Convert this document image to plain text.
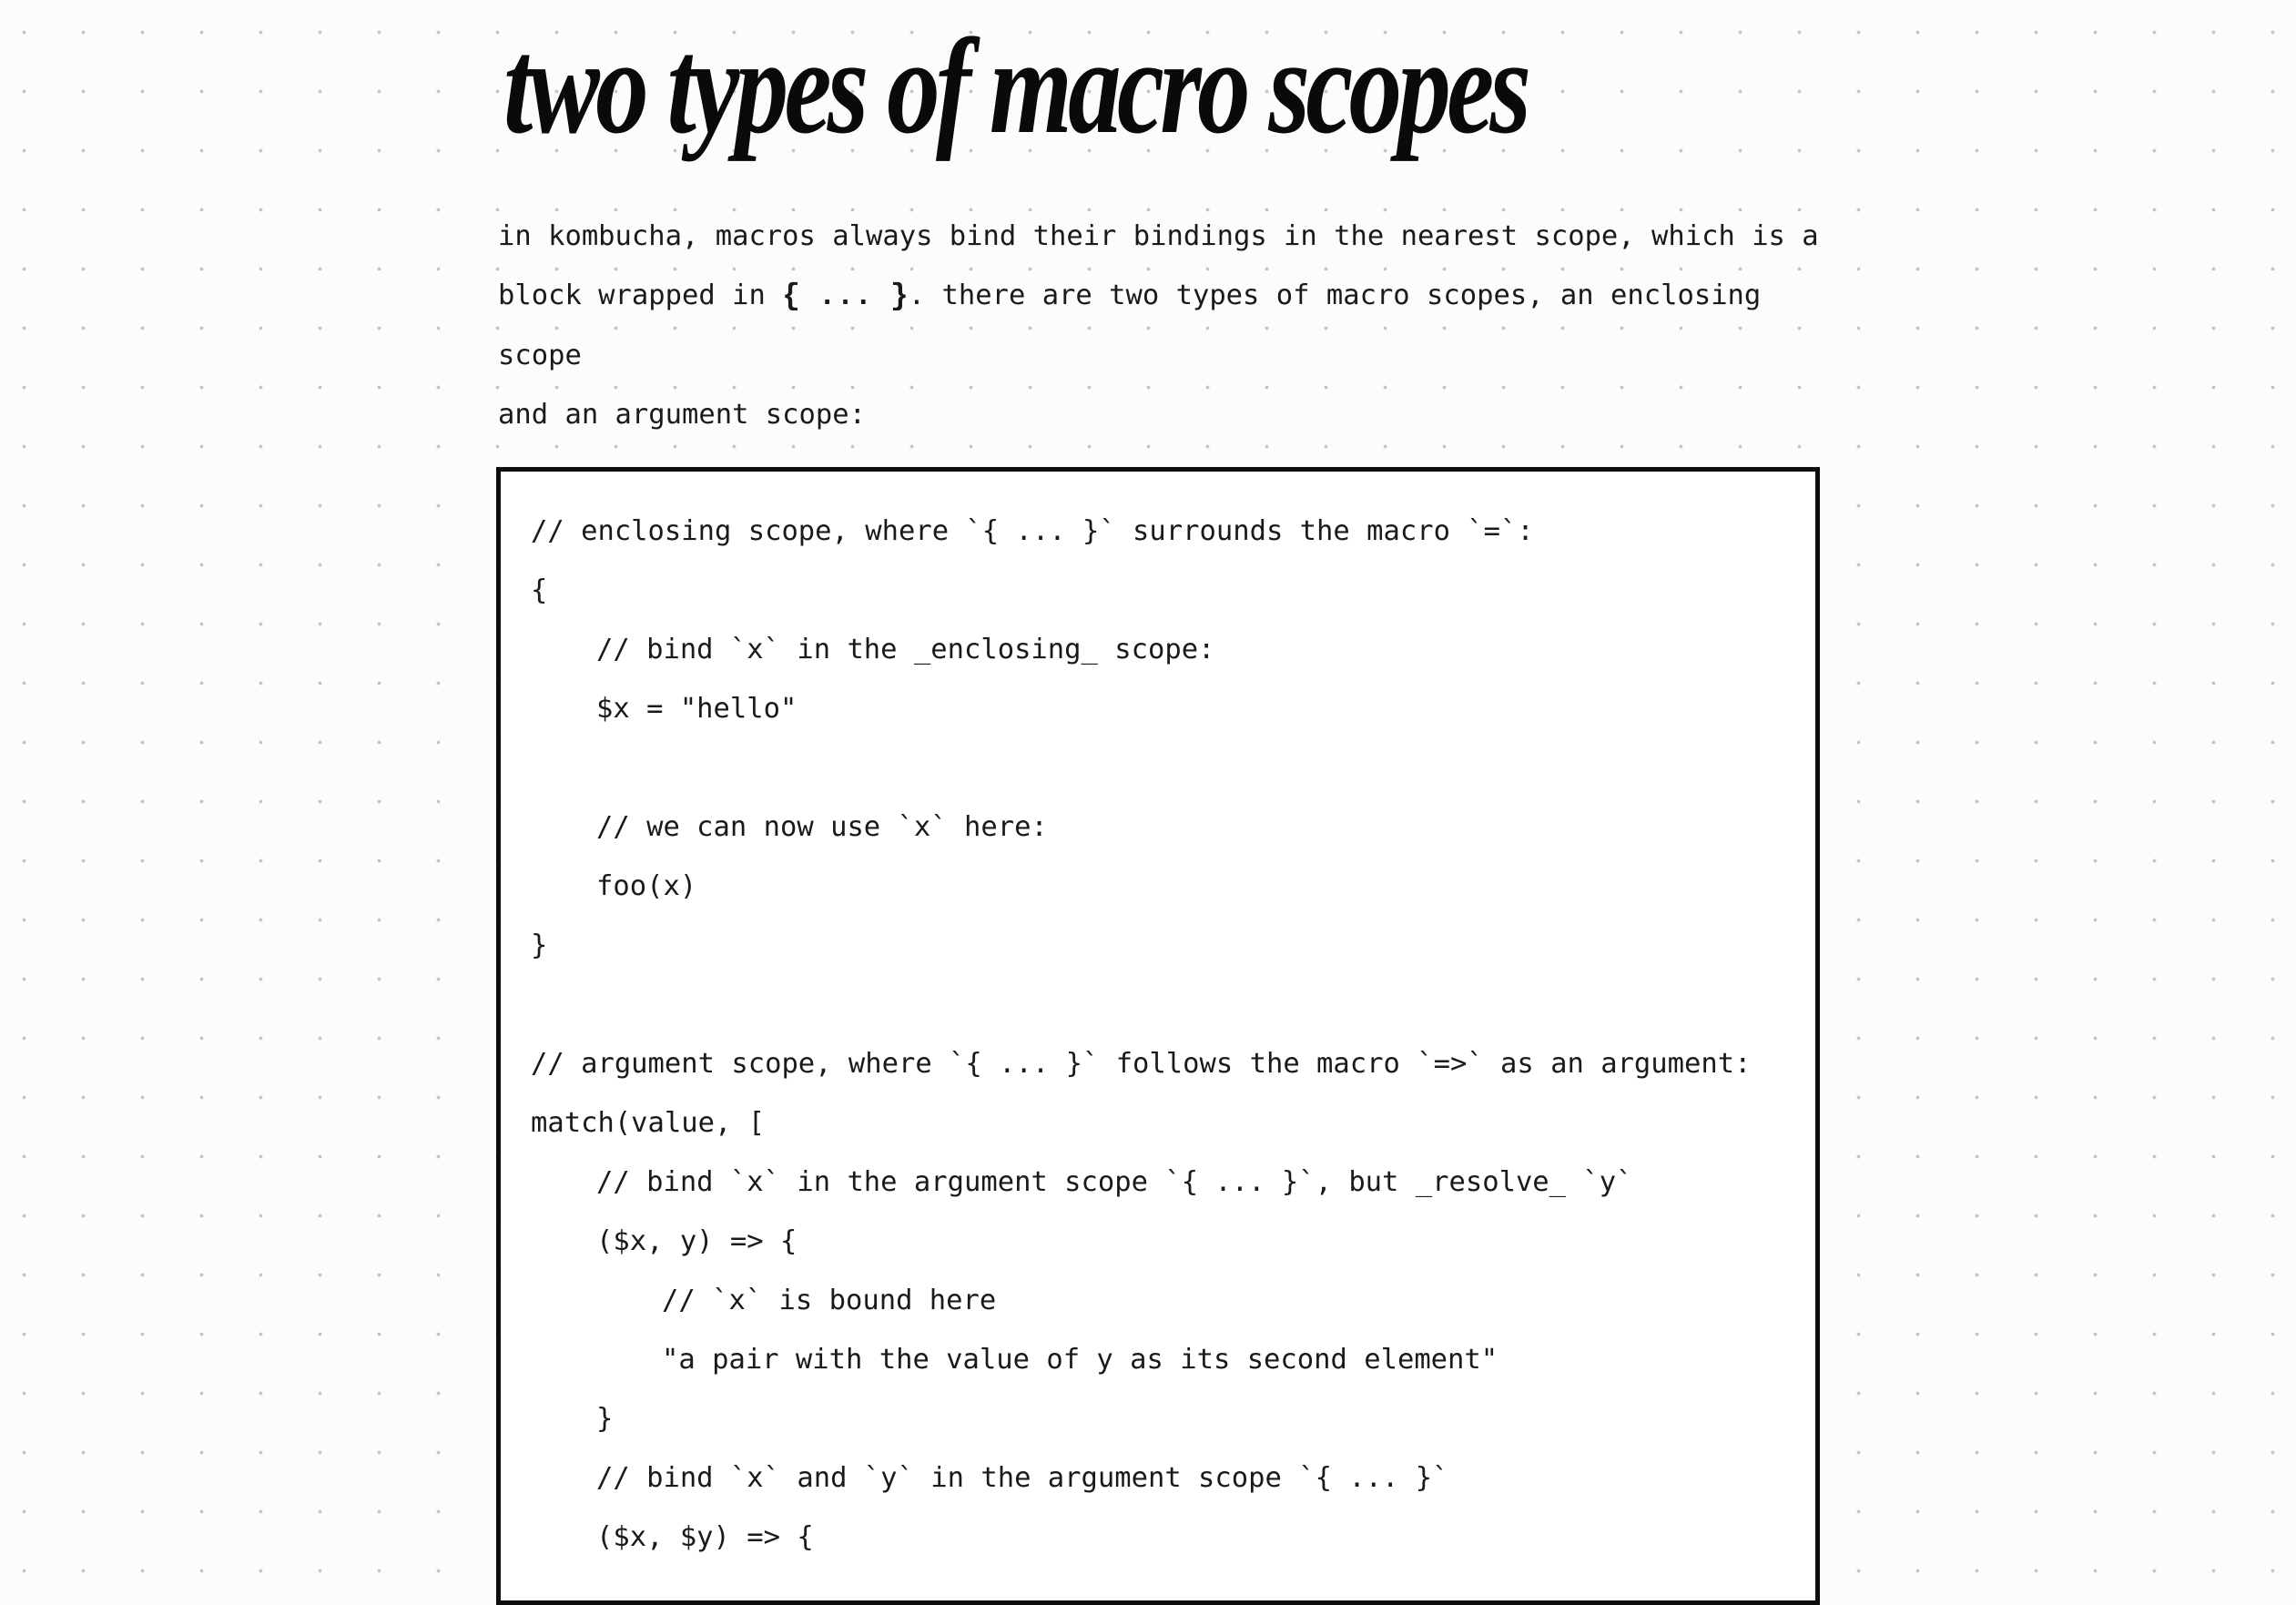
two types of macro scopes

in kombucha, macros always bind their bindings in the nearest scope, which is a
block wrapped in { ... }. there are two types of macro scopes, an enclosing scope
and an argument scope:

// enclosing scope, where `{ ... }` surrounds the macro `=`:
{
// bind `x` in the _enclosing_ scope:
$x = "hello"
// we can now use `x` here:
foo(x)
}
// argument scope, where `{ ... }` follows the macro `=>` as an argument:
match(value, [
// bind `x` in the argument scope `{ ... }`, but _resolve_ `y`
($x, y) => {
// `x` is bound here
"a pair with the value of y as its second element"
}
// bind `x` and `y` in the argument scope `{ ... }`
($x, $y) => {
